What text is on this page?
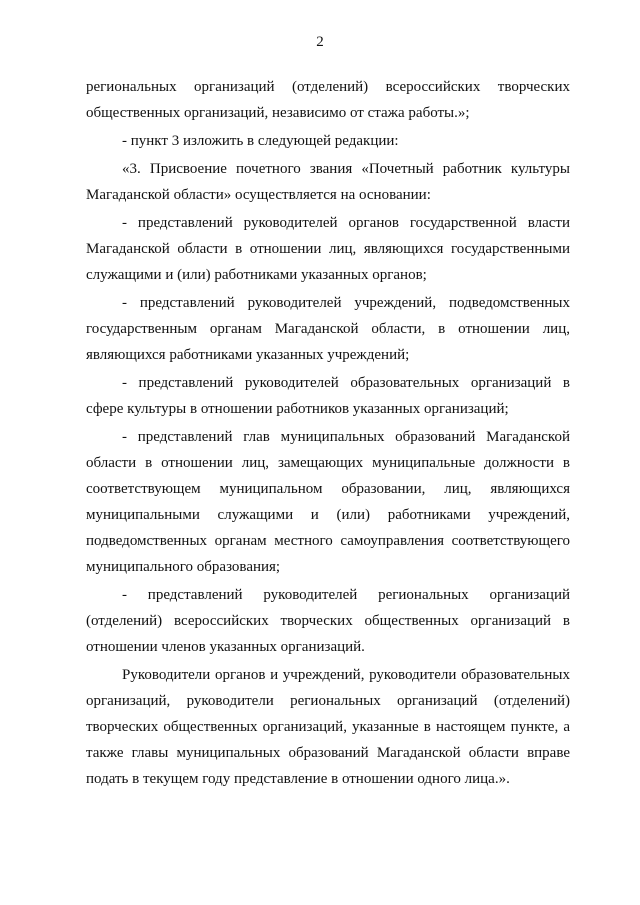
2

региональных организаций (отделений) всероссийских творческих общественных организаций, независимо от стажа работы.»;

- пункт 3 изложить в следующей редакции:

«3. Присвоение почетного звания «Почетный работник культуры Магаданской области» осуществляется на основании:

- представлений руководителей органов государственной власти Магаданской области в отношении лиц, являющихся государственными служащими и (или) работниками указанных органов;

- представлений руководителей учреждений, подведомственных государственным органам Магаданской области, в отношении лиц, являющихся работниками указанных учреждений;

- представлений руководителей образовательных организаций в сфере культуры в отношении работников указанных организаций;

- представлений глав муниципальных образований Магаданской области в отношении лиц, замещающих муниципальные должности в соответствующем муниципальном образовании, лиц, являющихся муниципальными служащими и (или) работниками учреждений, подведомственных органам местного самоуправления соответствующего муниципального образования;

- представлений руководителей региональных организаций (отделений) всероссийских творческих общественных организаций в отношении членов указанных организаций.

Руководители органов и учреждений, руководители образовательных организаций, руководители региональных организаций (отделений) творческих общественных организаций, указанные в настоящем пункте, а также главы муниципальных образований Магаданской области вправе подать в текущем году представление в отношении одного лица.».
